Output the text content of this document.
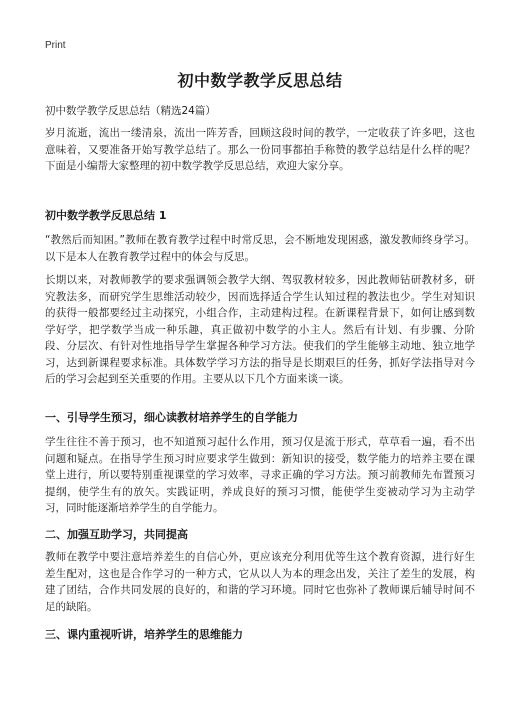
Print
初中数学教学反思总结
初中数学教学反思总结（精选24篇）

岁月流逝，流出一缕清泉，流出一阵芳香，回顾这段时间的教学，一定收获了许多吧，这也意味着，又要准备开始写教学总结了。那么一份同事都拍手称赞的教学总结是什么样的呢？下面是小编帮大家整理的初中数学教学反思总结，欢迎大家分享。

初中数学教学反思总结 1

“教然后而知困。”教师在教育教学过程中时常反思，会不断地发现困惑，激发教师终身学习。以下是本人在教育教学过程中的体会与反思。

长期以来，对教师教学的要求强调领会教学大纲、驾驭教材较多，因此教师钻研教材多，研究教法多，而研究学生思维活动较少，因而选择适合学生认知过程的教法也少。学生对知识的获得一般都要经过主动探究，小组合作，主动建构过程。在新课程背景下，如何让感到数学好学，把学数学当成一种乐趣，真正做初中数学的小主人。然后有计划、有步骤、分阶段、分层次、有针对性地指导学生掌握各种学习方法。使我们的学生能够主动地、独立地学习，达到新课程要求标准。具体数学学习方法的指导是长期艰巨的任务，抓好学法指导对今后的学习会起到至关重要的作用。主要从以下几个方面来谈一谈。

一、引导学生预习，细心读教材培养学生的自学能力

学生往往不善于预习，也不知道预习起什么作用，预习仅是流于形式，草草看一遍，看不出问题和疑点。在指导学生预习时应要求学生做到：新知识的接受，数学能力的培养主要在课堂上进行，所以要特别重视课堂的学习效率，寻求正确的学习方法。预习前教师先布置预习提纲，使学生有的放矢。实践证明，养成良好的预习习惯，能使学生变被动学习为主动学习，同时能逐渐培养学生的自学能力。

二、加强互助学习，共同提高

教师在教学中要注意培养差生的自信心外，更应该充分利用优等生这个教育资源，进行好生差生配对，这也是合作学习的一种方式，它从以人为本的理念出发，关注了差生的发展，构建了团结，合作共同发展的良好的，和谐的学习环境。同时它也弥补了教师课后辅导时间不足的缺陷。

三、课内重视听讲，培养学生的思维能力
